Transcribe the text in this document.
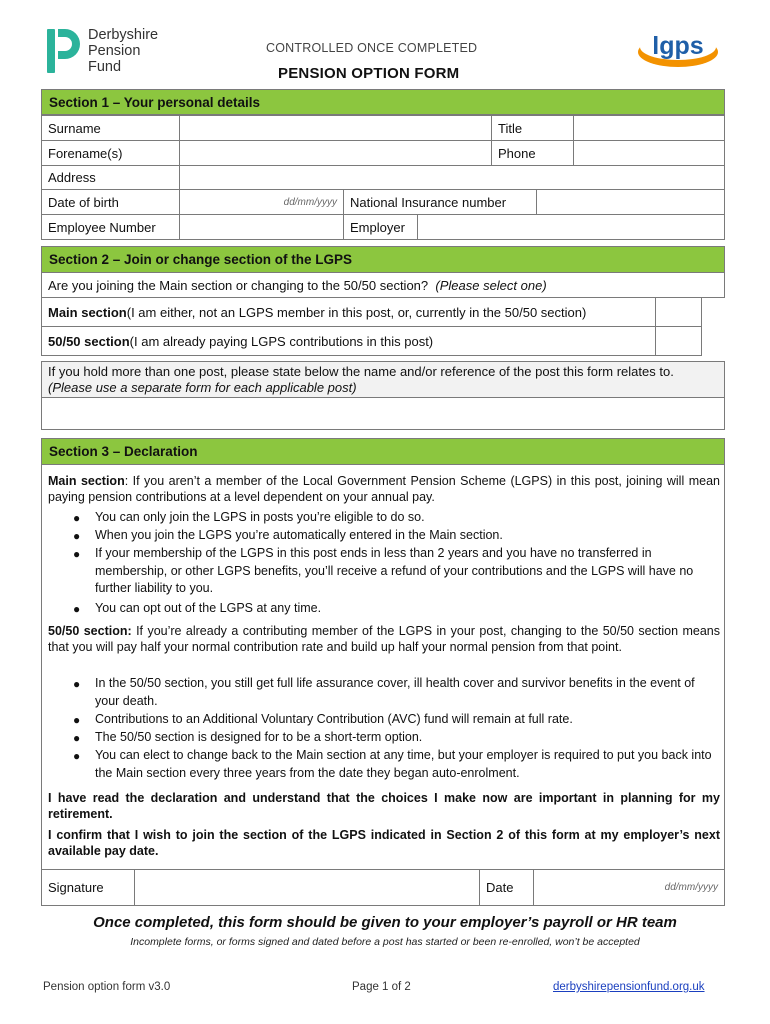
Derbyshire
Pension
Fund
CONTROLLED ONCE COMPLETED
PENSION OPTION FORM
lgps
Section 1 – Your personal details
Surname	Title
Forename(s)	Phone
Address
Date of birth	dd/mm/yyyy	National Insurance number
Employee Number	Employer
Section 2 – Join or change section of the LGPS
Are you joining the Main section or changing to the 50/50 section?
(Please select one)
Main section (I am either, not an LGPS member in this post, or, currently in the 50/50 section)
50/50 section (I am already paying LGPS contributions in this post)
If you hold more than one post, please state below the name and/or reference of the post this form relates to. (Please use a separate form for each applicable post)
Section 3 – Declaration
Main section: If you aren’t a member of the Local Government Pension Scheme (LGPS) in this post, joining will mean paying pension contributions at a level dependent on your annual pay.
● You can only join the LGPS in posts you’re eligible to do so.
● When you join the LGPS you’re automatically entered in the Main section.
● If your membership of the LGPS in this post ends in less than 2 years and you have no transferred in membership, or other LGPS benefits, you’ll receive a refund of your contributions and the LGPS will have no further liability to you.
● You can opt out of the LGPS at any time.
50/50 section: If you’re already a contributing member of the LGPS in your post, changing to the 50/50 section means that you will pay half your normal contribution rate and build up half your normal pension from that point.
● In the 50/50 section, you still get full life assurance cover, ill health cover and survivor benefits in the event of your death.
● Contributions to an Additional Voluntary Contribution (AVC) fund will remain at full rate.
● The 50/50 section is designed for to be a short-term option.
● You can elect to change back to the Main section at any time, but your employer is required to put you back into the Main section every three years from the date they began auto-enrolment.
I have read the declaration and understand that the choices I make now are important in planning for my retirement.
I confirm that I wish to join the section of the LGPS indicated in Section 2 of this form at my employer’s next available pay date.
Signature	Date	dd/mm/yyyy
Once completed, this form should be given to your employer’s payroll or HR team
Incomplete forms, or forms signed and dated before a post has started or been re-enrolled, won’t be accepted
Pension option form v3.0	Page 1 of 2	derbyshirepensionfund.org.uk
